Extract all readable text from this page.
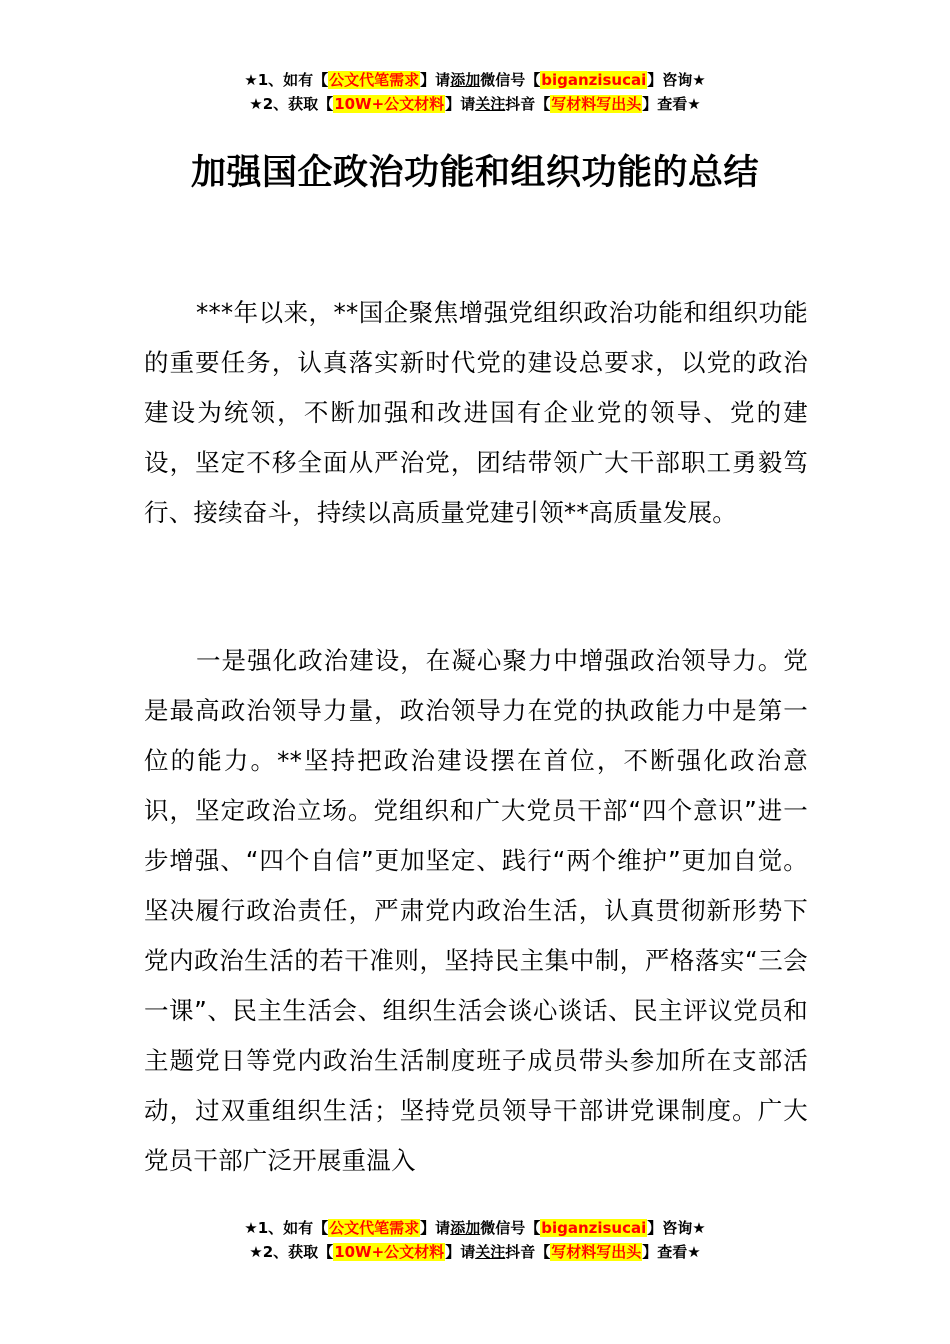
★1、如有【公文代笔需求】请添加微信号【biganzisucai】咨询★
★2、获取【10W+公文材料】请关注抖音【写材料写出头】查看★
加强国企政治功能和组织功能的总结

***年以来，**国企聚焦增强党组织政治功能和组织功能的重要任务，认真落实新时代党的建设总要求，以党的政治建设为统领，不断加强和改进国有企业党的领导、党的建设，坚定不移全面从严治党，团结带领广大干部职工勇毅笃行、接续奋斗，持续以高质量党建引领**高质量发展。

一是强化政治建设，在凝心聚力中增强政治领导力。党是最高政治领导力量，政治领导力在党的执政能力中是第一位的能力。**坚持把政治建设摆在首位，不断强化政治意识，坚定政治立场。党组织和广大党员干部“四个意识”进一步增强、“四个自信”更加坚定、践行“两个维护”更加自觉。坚决履行政治责任，严肃党内政治生活，认真贯彻新形势下党内政治生活的若干准则，坚持民主集中制，严格落实“三会一课”、民主生活会、组织生活会谈心谈话、民主评议党员和主题党日等党内政治生活制度班子成员带头参加所在支部活动，过双重组织生活；坚持党员领导干部讲党课制度。广大党员干部广泛开展重温入

★1、如有【公文代笔需求】请添加微信号【biganzisucai】咨询★
★2、获取【10W+公文材料】请关注抖音【写材料写出头】查看★
